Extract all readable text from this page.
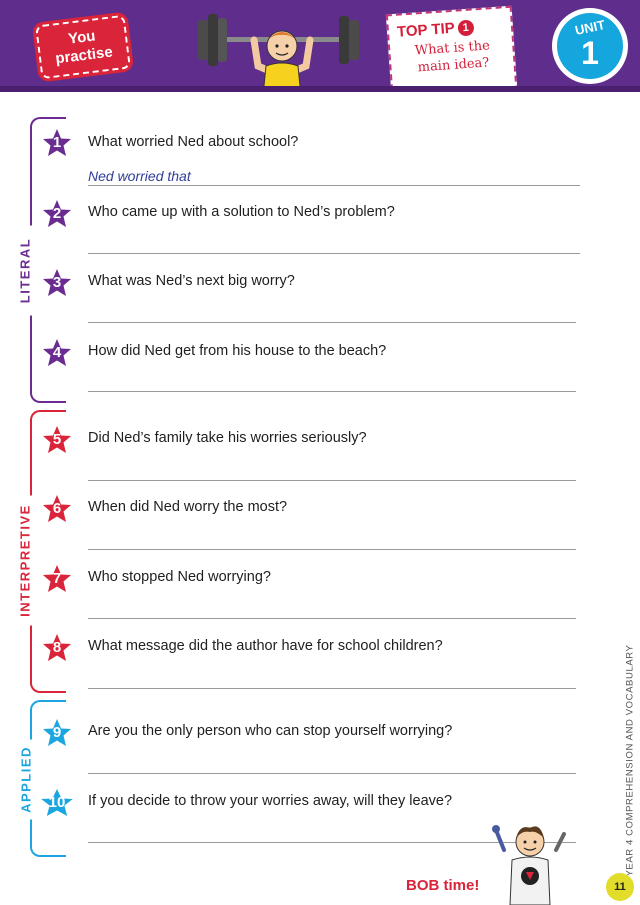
You
practise
TOP TIP 1
What is the
main idea?
UNIT
1
LITERAL
INTERPRETIVE
APPLIED
1	What worried Ned about school?
Ned worried that
2	Who came up with a solution to Ned’s problem?
3	What was Ned’s next big worry?
4	How did Ned get from his house to the beach?
5	Did Ned’s family take his worries seriously?
6	When did Ned worry the most?
7	Who stopped Ned worrying?
8	What message did the author have for school children?
9	Are you the only person who can stop yourself worrying?
10	If you decide to throw your worries away, will they leave?	YEAR 4 COMPREHENSION AND VOCABULARY
BOB time!	11
